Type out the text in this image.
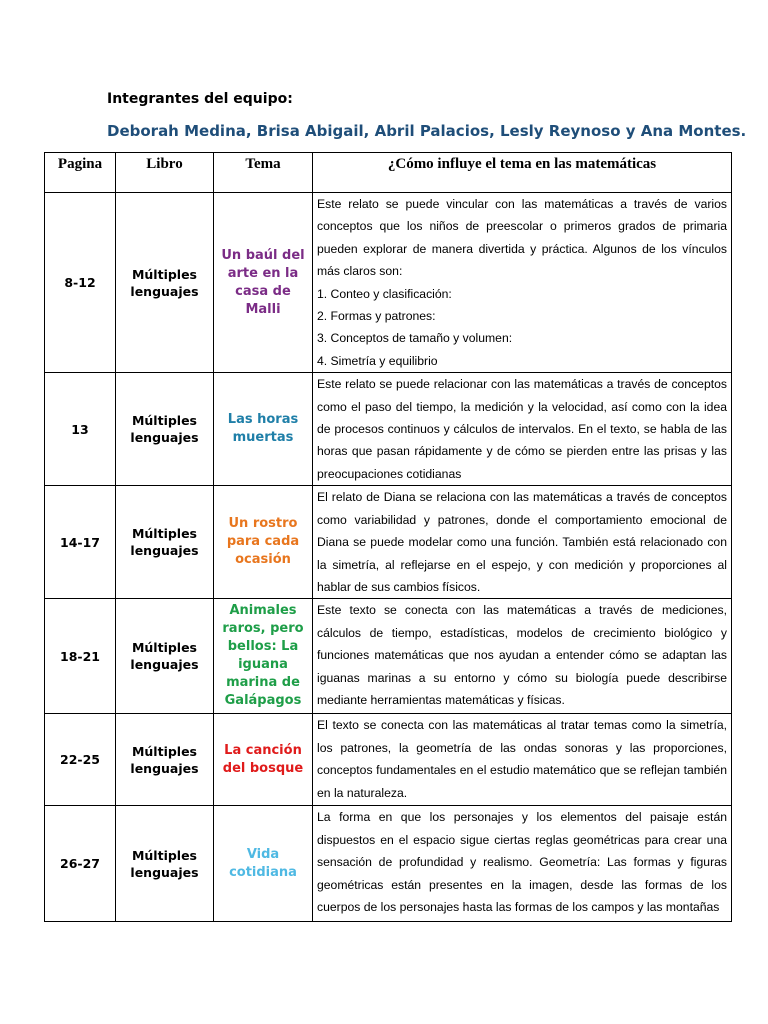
Integrantes del equipo:

Deborah Medina, Brisa Abigail, Abril Palacios, Lesly Reynoso y Ana Montes.

Pagina	Libro	Tema	¿Cómo influye el tema en las matemáticas
8-12	Múltiples lenguajes	Un baúl del arte en la casa de Malli	Este relato se puede vincular con las matemáticas a través de varios conceptos que los niños de preescolar o primeros grados de primaria pueden explorar de manera divertida y práctica. Algunos de los vínculos más claros son:
1. Conteo y clasificación:
2. Formas y patrones:
3. Conceptos de tamaño y volumen:
4. Simetría y equilibrio

13	Múltiples lenguajes	Las horas muertas	Este relato se puede relacionar con las matemáticas a través de conceptos como el paso del tiempo, la medición y la velocidad, así como con la idea de procesos continuos y cálculos de intervalos. En el texto, se habla de las horas que pasan rápidamente y de cómo se pierden entre las prisas y las preocupaciones cotidianas
14-17	Múltiples lenguajes	Un rostro para cada ocasión	El relato de Diana se relaciona con las matemáticas a través de conceptos como variabilidad y patrones, donde el comportamiento emocional de Diana se puede modelar como una función. También está relacionado con la simetría, al reflejarse en el espejo, y con medición y proporciones al hablar de sus cambios físicos.
18-21	Múltiples lenguajes	Animales raros, pero bellos: La iguana marina de Galápagos	Este texto se conecta con las matemáticas a través de mediciones, cálculos de tiempo, estadísticas, modelos de crecimiento biológico y funciones matemáticas que nos ayudan a entender cómo se adaptan las iguanas marinas a su entorno y cómo su biología puede describirse mediante herramientas matemáticas y físicas.
22-25	Múltiples lenguajes	La canción del bosque	El texto se conecta con las matemáticas al tratar temas como la simetría, los patrones, la geometría de las ondas sonoras y las proporciones, conceptos fundamentales en el estudio matemático que se reflejan también en la naturaleza.
26-27	Múltiples lenguajes	Vida cotidiana	La forma en que los personajes y los elementos del paisaje están dispuestos en el espacio sigue ciertas reglas geométricas para crear una sensación de profundidad y realismo. Geometría: Las formas y figuras geométricas están presentes en la imagen, desde las formas de los cuerpos de los personajes hasta las formas de los campos y las montañas
